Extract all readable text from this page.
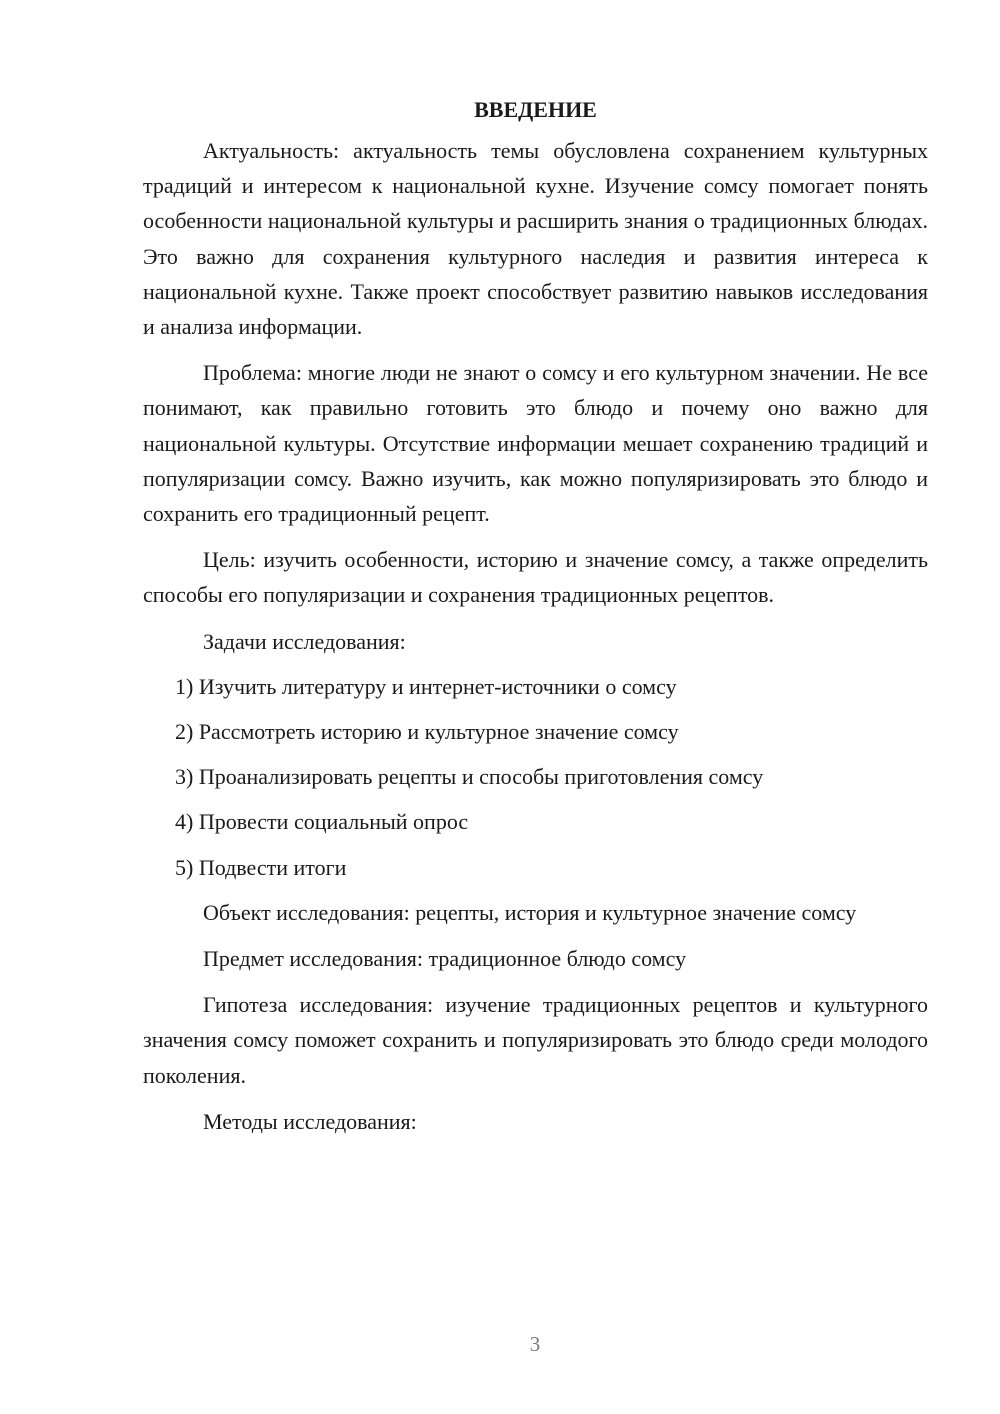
ВВЕДЕНИЕ

Актуальность: актуальность темы обусловлена сохранением культурных традиций и интересом к национальной кухне. Изучение сомсу помогает понять особенности национальной культуры и расширить знания о традиционных блюдах. Это важно для сохранения культурного наследия и развития интереса к национальной кухне. Также проект способствует развитию навыков исследования и анализа информации.

Проблема: многие люди не знают о сомсу и его культурном значении. Не все понимают, как правильно готовить это блюдо и почему оно важно для национальной культуры. Отсутствие информации мешает сохранению традиций и популяризации сомсу. Важно изучить, как можно популяризировать это блюдо и сохранить его традиционный рецепт.

Цель: изучить особенности, историю и значение сомсу, а также определить способы его популяризации и сохранения традиционных рецептов.

Задачи исследования:

1) Изучить литературу и интернет-источники о сомсу
2) Рассмотреть историю и культурное значение сомсу
3) Проанализировать рецепты и способы приготовления сомсу
4) Провести социальный опрос
5) Подвести итоги

Объект исследования: рецепты, история и культурное значение сомсу

Предмет исследования: традиционное блюдо сомсу

Гипотеза исследования: изучение традиционных рецептов и культурного значения сомсу поможет сохранить и популяризировать это блюдо среди молодого поколения.

Методы исследования:

3
